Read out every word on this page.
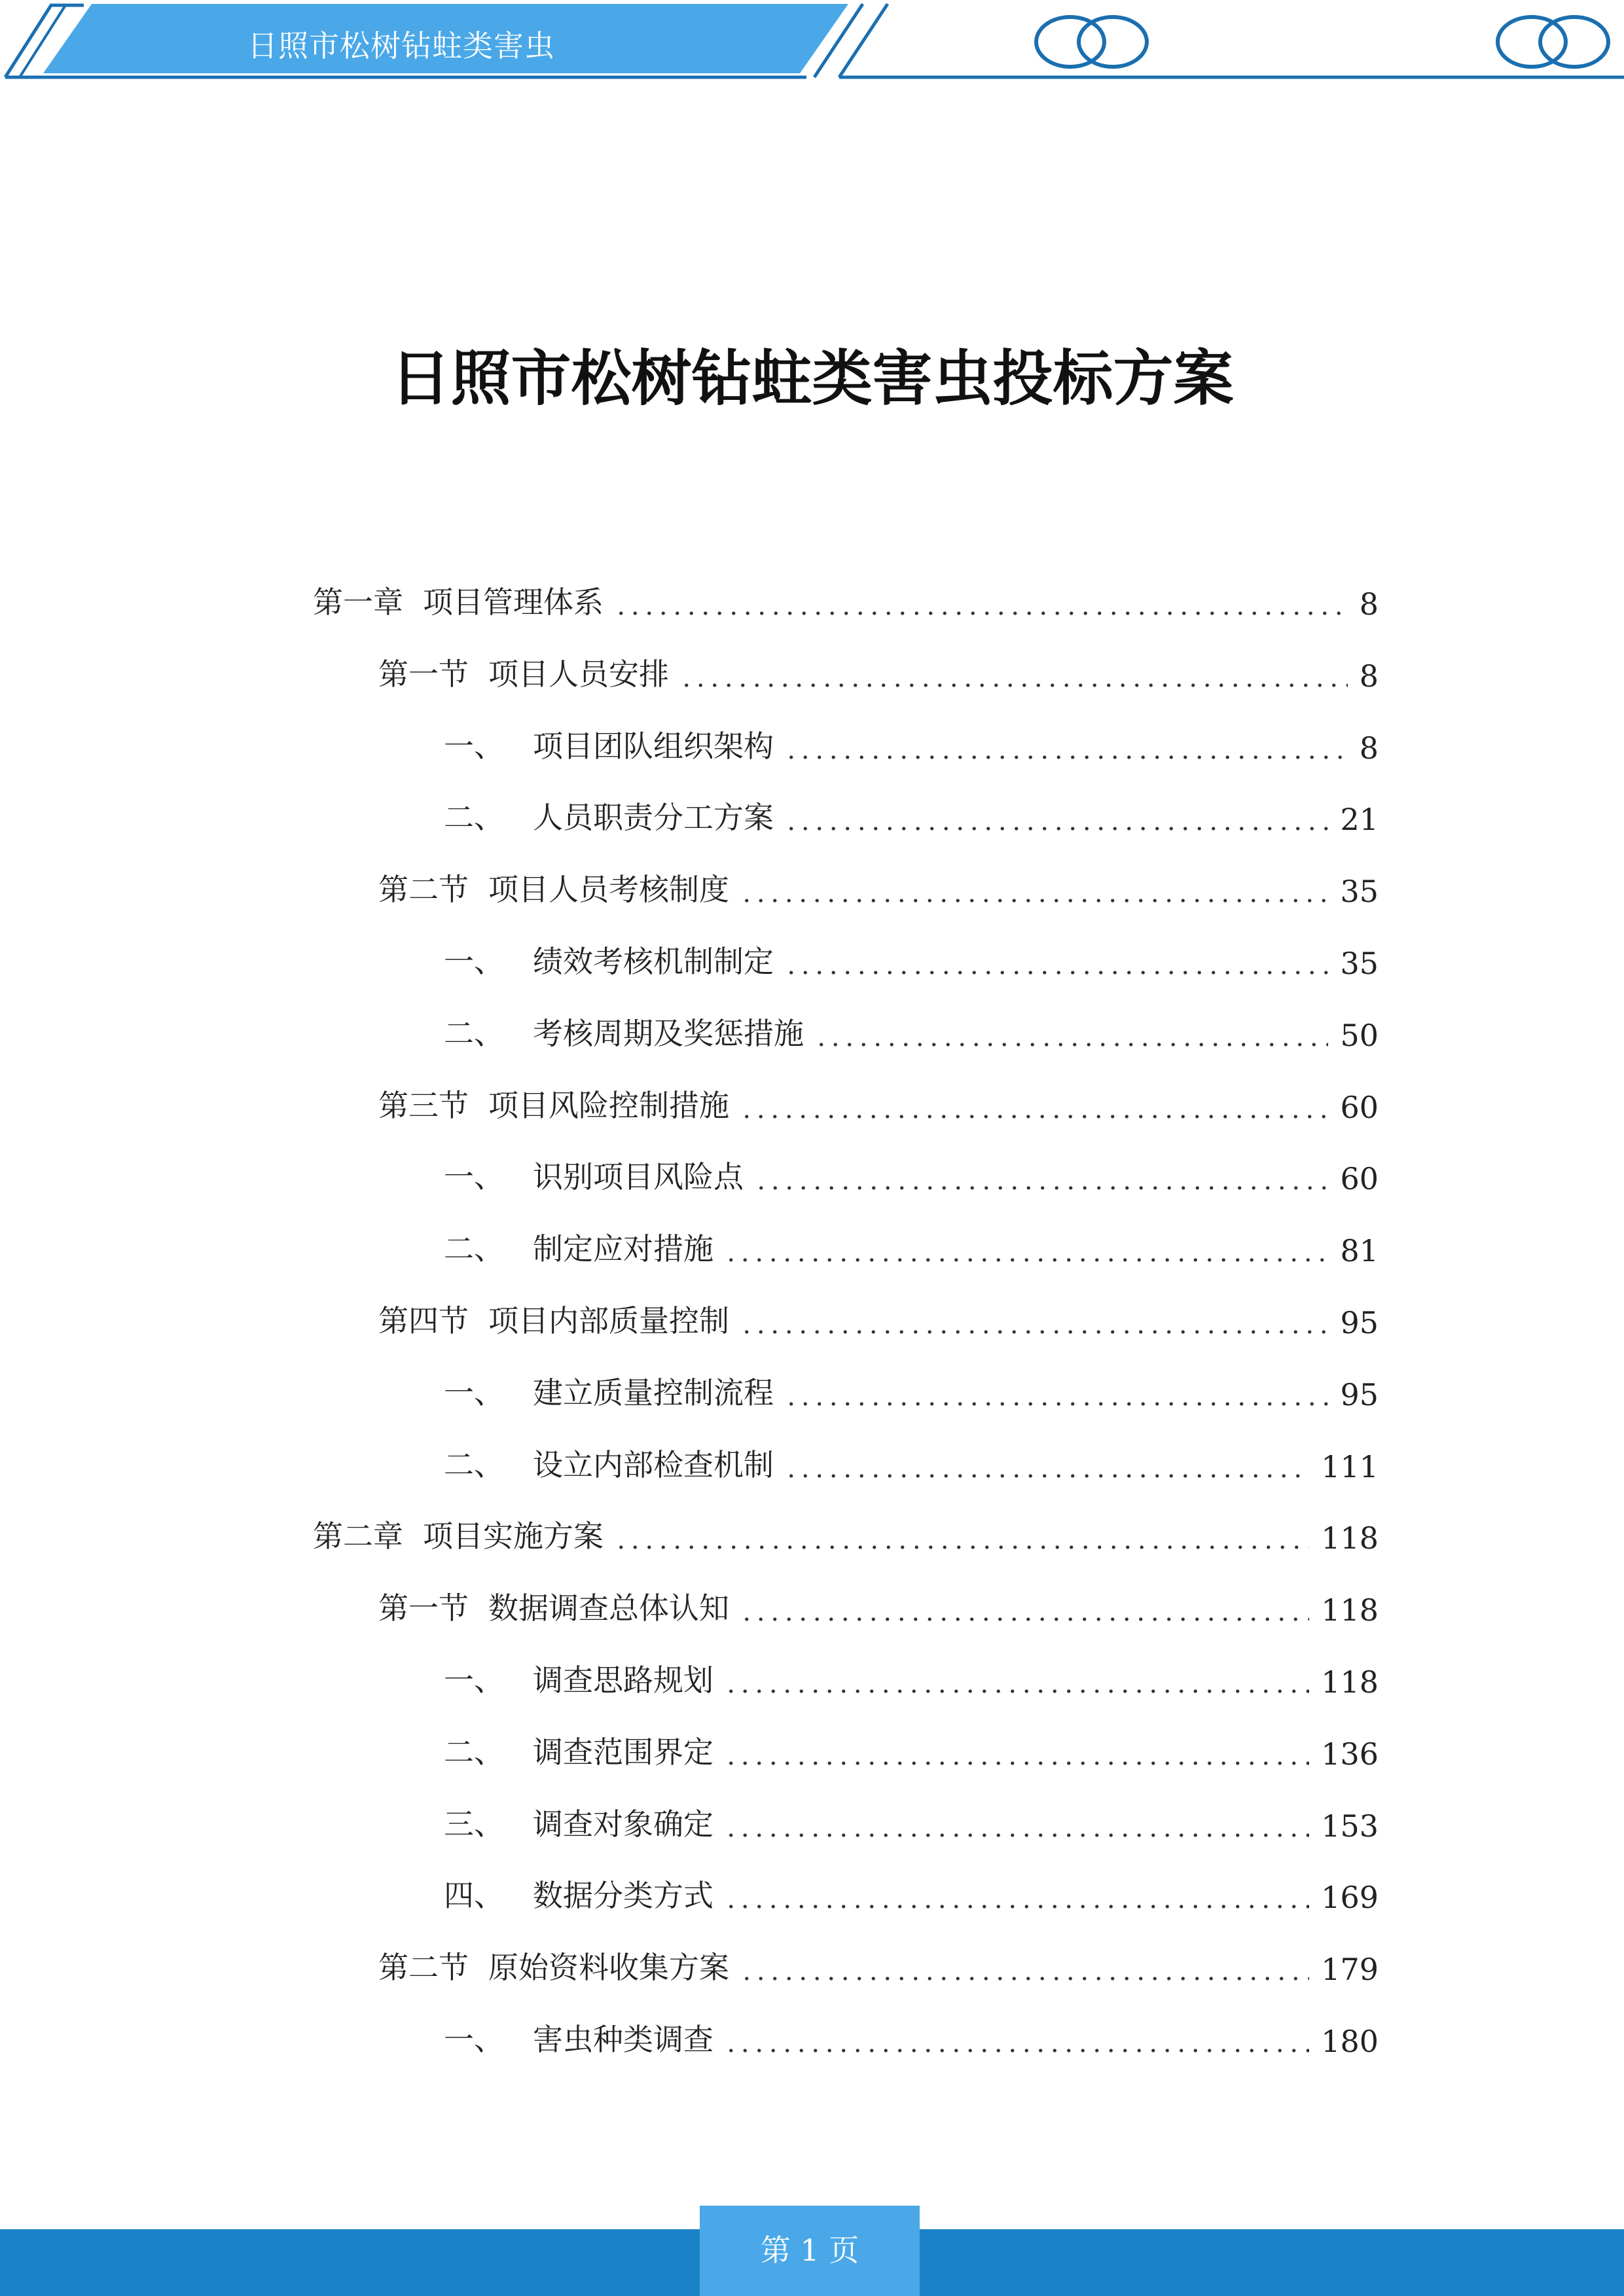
日照市松树钻蛀类害虫
日照市松树钻蛀类害虫投标方案
第一章 项目管理体系	8
第一节 项目人员安排	8
一、 项目团队组织架构	8
二、 人员职责分工方案	21
第二节 项目人员考核制度	35
一、 绩效考核机制制定	35
二、 考核周期及奖惩措施	50
第三节 项目风险控制措施	60
一、 识别项目风险点	60
二、 制定应对措施	81
第四节 项目内部质量控制	95
一、 建立质量控制流程	95
二、 设立内部检查机制	111
第二章 项目实施方案	118
第一节 数据调查总体认知	118
一、 调查思路规划	118
二、 调查范围界定	136
三、 调查对象确定	153
四、 数据分类方式	169
第二节 原始资料收集方案	179
一、 害虫种类调查	180
第 1 页
